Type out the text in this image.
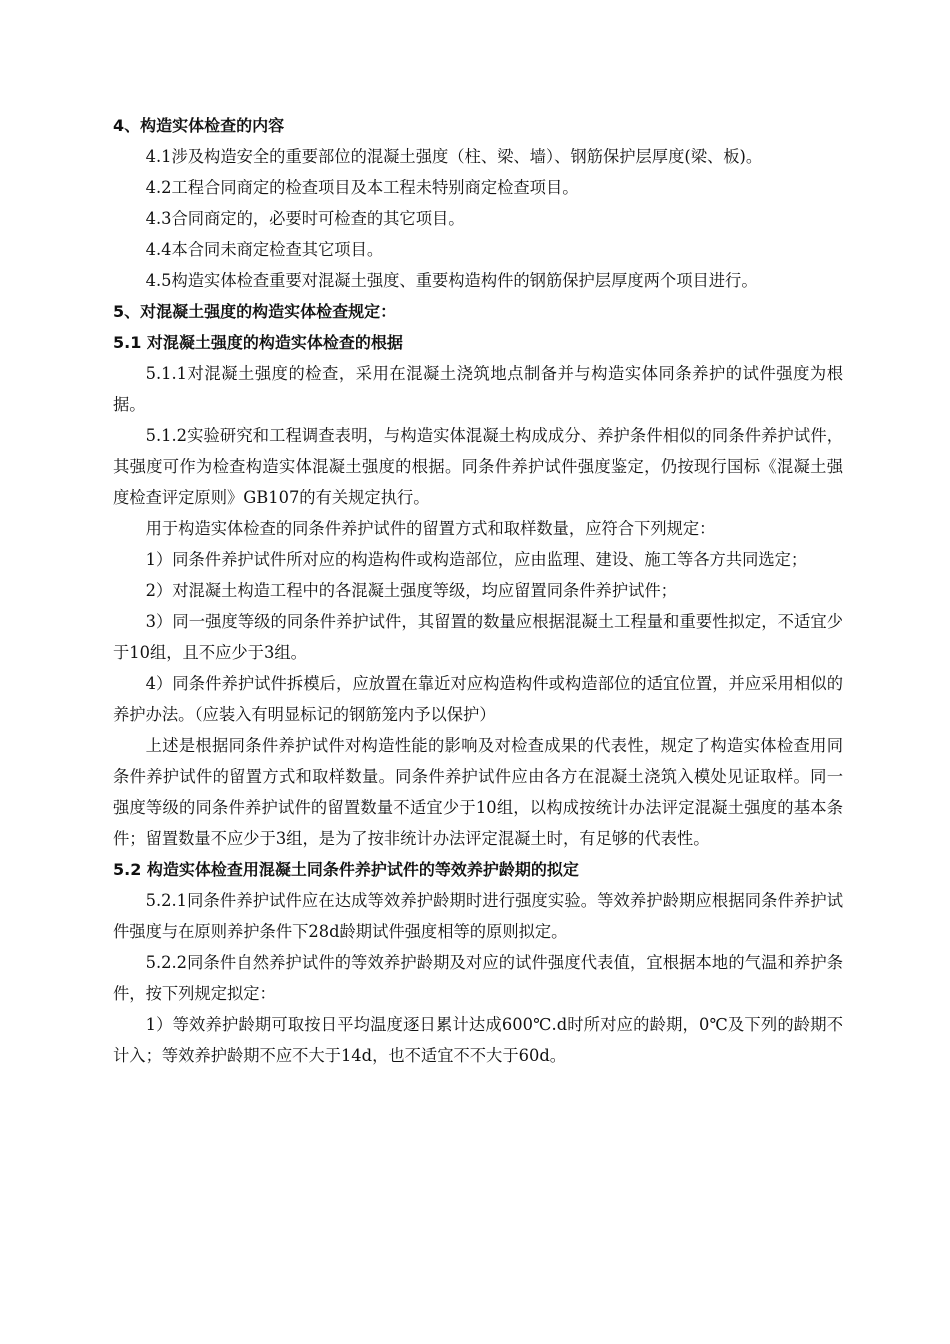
4、构造实体检查的内容

4.1涉及构造安全的重要部位的混凝土强度（柱、梁、墙）、钢筋保护层厚度(梁、板)。

4.2工程合同商定的检查项目及本工程未特别商定检查项目。

4.3合同商定的，必要时可检查的其它项目。

4.4本合同未商定检查其它项目。

4.5构造实体检查重要对混凝土强度、重要构造构件的钢筋保护层厚度两个项目进行。

5、对混凝土强度的构造实体检查规定：

5.1 对混凝土强度的构造实体检查的根据

5.1.1对混凝土强度的检查，采用在混凝土浇筑地点制备并与构造实体同条养护的试件强度为根据。

5.1.2实验研究和工程调查表明，与构造实体混凝土构成成分、养护条件相似的同条件养护试件，其强度可作为检查构造实体混凝土强度的根据。同条件养护试件强度鉴定，仍按现行国标《混凝土强度检查评定原则》GB107的有关规定执行。

用于构造实体检查的同条件养护试件的留置方式和取样数量，应符合下列规定：

1）同条件养护试件所对应的构造构件或构造部位，应由监理、建设、施工等各方共同选定；

2）对混凝土构造工程中的各混凝土强度等级，均应留置同条件养护试件；

3）同一强度等级的同条件养护试件，其留置的数量应根据混凝土工程量和重要性拟定，不适宜少于10组，且不应少于3组。

4）同条件养护试件拆模后，应放置在靠近对应构造构件或构造部位的适宜位置，并应采用相似的养护办法。（应装入有明显标记的钢筋笼内予以保护）

上述是根据同条件养护试件对构造性能的影响及对检查成果的代表性，规定了构造实体检查用同条件养护试件的留置方式和取样数量。同条件养护试件应由各方在混凝土浇筑入模处见证取样。同一强度等级的同条件养护试件的留置数量不适宜少于10组，以构成按统计办法评定混凝土强度的基本条件；留置数量不应少于3组，是为了按非统计办法评定混凝土时，有足够的代表性。

5.2 构造实体检查用混凝土同条件养护试件的等效养护龄期的拟定

5.2.1同条件养护试件应在达成等效养护龄期时进行强度实验。等效养护龄期应根据同条件养护试件强度与在原则养护条件下28d龄期试件强度相等的原则拟定。

5.2.2同条件自然养护试件的等效养护龄期及对应的试件强度代表值，宜根据本地的气温和养护条件，按下列规定拟定：

1）等效养护龄期可取按日平均温度逐日累计达成600℃.d时所对应的龄期，0℃及下列的龄期不计入；等效养护龄期不应不大于14d，也不适宜不不大于60d。
